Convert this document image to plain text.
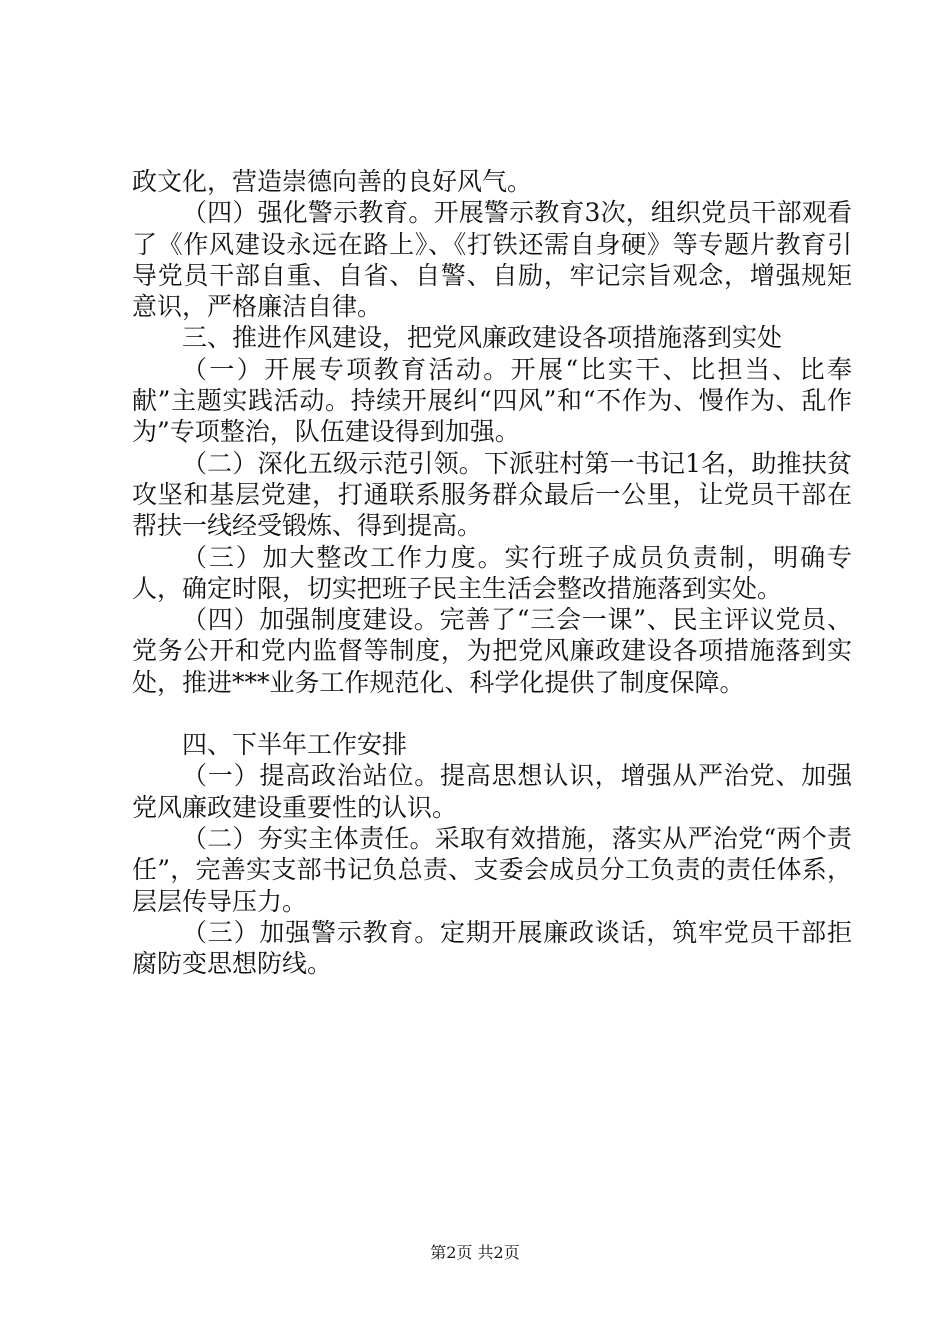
政文化，营造崇德向善的良好风气。

（四）强化警示教育。开展警示教育3次，组织党员干部观看了《作风建设永远在路上》、《打铁还需自身硬》等专题片教育引导党员干部自重、自省、自警、自励，牢记宗旨观念，增强规矩意识，严格廉洁自律。

三、推进作风建设，把党风廉政建设各项措施落到实处

（一）开展专项教育活动。开展“比实干、比担当、比奉献”主题实践活动。持续开展纠“四风”和“不作为、慢作为、乱作为”专项整治，队伍建设得到加强。

（二）深化五级示范引领。下派驻村第一书记1名，助推扶贫攻坚和基层党建，打通联系服务群众最后一公里，让党员干部在帮扶一线经受锻炼、得到提高。

（三）加大整改工作力度。实行班子成员负责制，明确专人，确定时限，切实把班子民主生活会整改措施落到实处。

（四）加强制度建设。完善了“三会一课”、民主评议党员、党务公开和党内监督等制度，为把党风廉政建设各项措施落到实处，推进***业务工作规范化、科学化提供了制度保障。

四、下半年工作安排

（一）提高政治站位。提高思想认识，增强从严治党、加强党风廉政建设重要性的认识。

（二）夯实主体责任。采取有效措施，落实从严治党“两个责任”，完善实支部书记负总责、支委会成员分工负责的责任体系，层层传导压力。

（三）加强警示教育。定期开展廉政谈话，筑牢党员干部拒腐防变思想防线。

第2页 共2页
